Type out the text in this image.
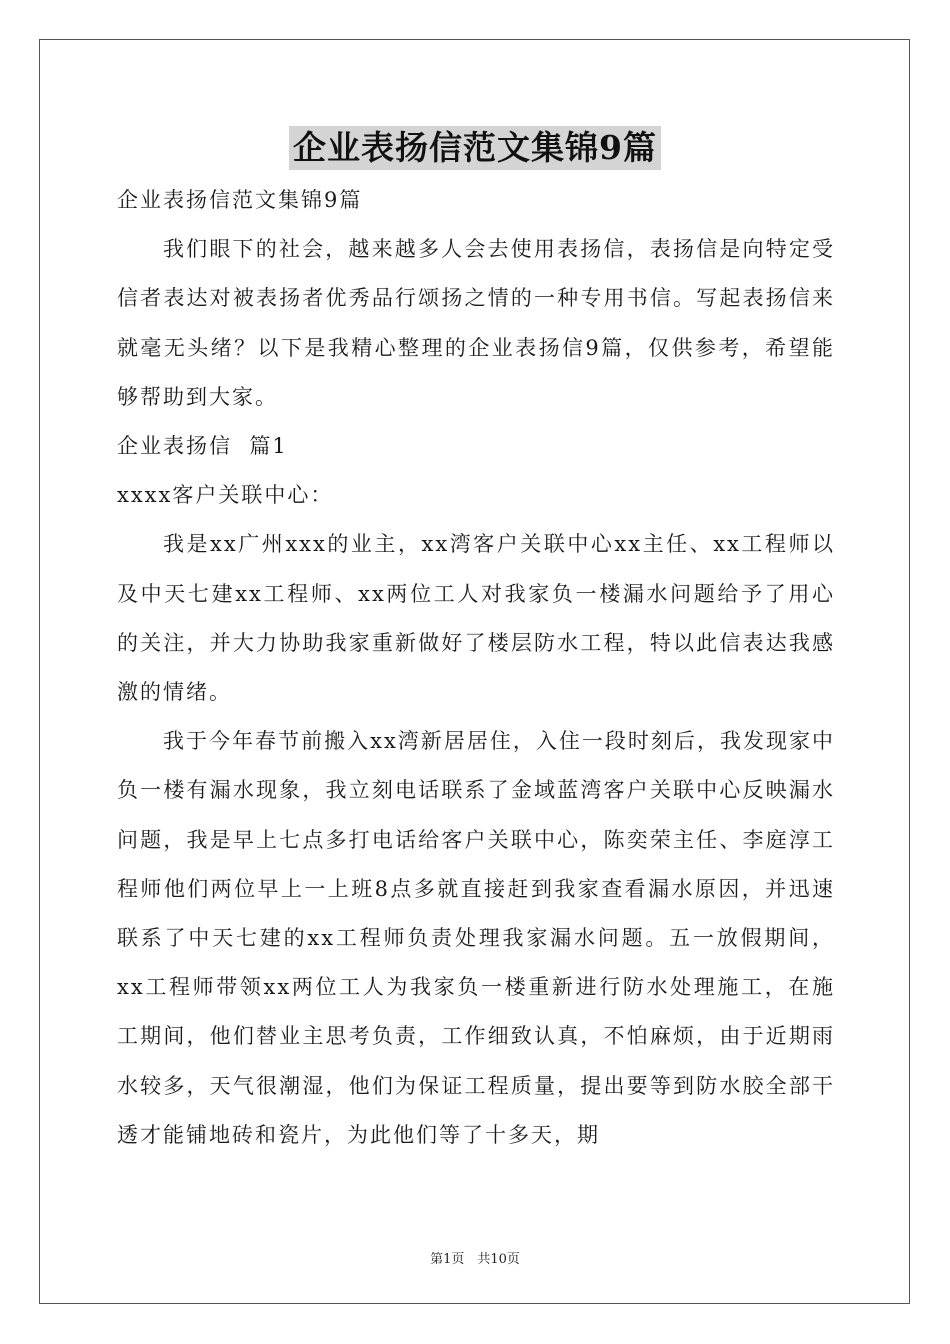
企业表扬信范文集锦9篇

企业表扬信范文集锦9篇

我们眼下的社会，越来越多人会去使用表扬信，表扬信是向特定受信者表达对被表扬者优秀品行颂扬之情的一种专用书信。写起表扬信来就毫无头绪？以下是我精心整理的企业表扬信9篇，仅供参考，希望能够帮助到大家。

企业表扬信  篇1

xxxx客户关联中心：

我是xx广州xxx的业主，xx湾客户关联中心xx主任、xx工程师以及中天七建xx工程师、xx两位工人对我家负一楼漏水问题给予了用心的关注，并大力协助我家重新做好了楼层防水工程，特以此信表达我感激的情绪。

我于今年春节前搬入xx湾新居居住，入住一段时刻后，我发现家中负一楼有漏水现象，我立刻电话联系了金域蓝湾客户关联中心反映漏水问题，我是早上七点多打电话给客户关联中心，陈奕荣主任、李庭淳工程师他们两位早上一上班8点多就直接赶到我家查看漏水原因，并迅速联系了中天七建的xx工程师负责处理我家漏水问题。五一放假期间，xx工程师带领xx两位工人为我家负一楼重新进行防水处理施工，在施工期间，他们替业主思考负责，工作细致认真，不怕麻烦，由于近期雨水较多，天气很潮湿，他们为保证工程质量，提出要等到防水胶全部干透才能铺地砖和瓷片，为此他们等了十多天，期

第1页　共10页
